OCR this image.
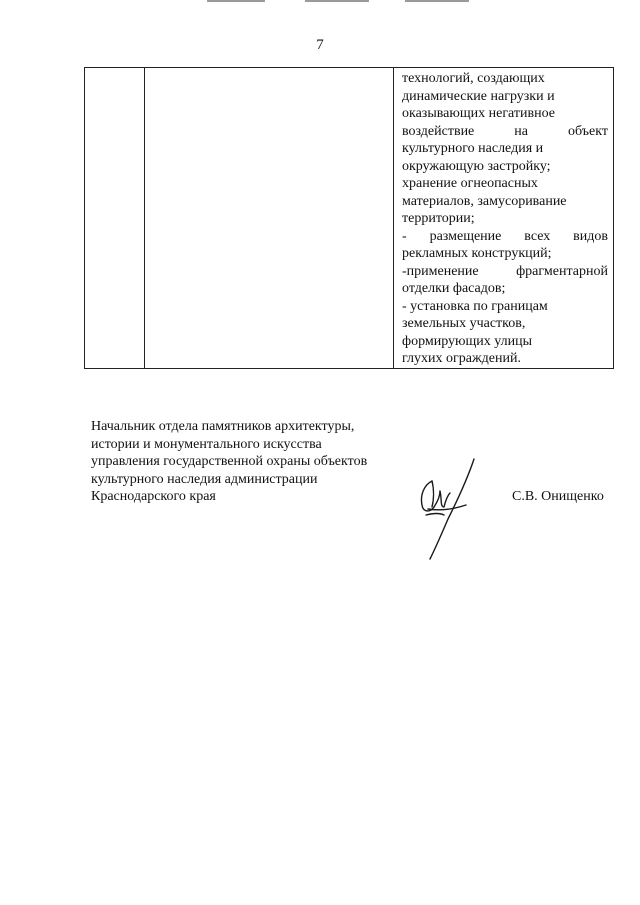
7

технологий, создающих
динамические нагрузки и
оказывающих негативное
воздействие на объект
культурного наследия и
окружающую застройку;
хранение огнеопасных
материалов, замусоривание
территории;
- размещение всех видов
рекламных конструкций;
-применение фрагментарной
отделки фасадов;
- установка по границам
земельных участков,
формирующих улицы
глухих ограждений.
Начальник отдела памятников архитектуры,
истории и монументального искусства
управления государственной охраны объектов
культурного наследия администрации
Краснодарского края	С.В. Онищенко
